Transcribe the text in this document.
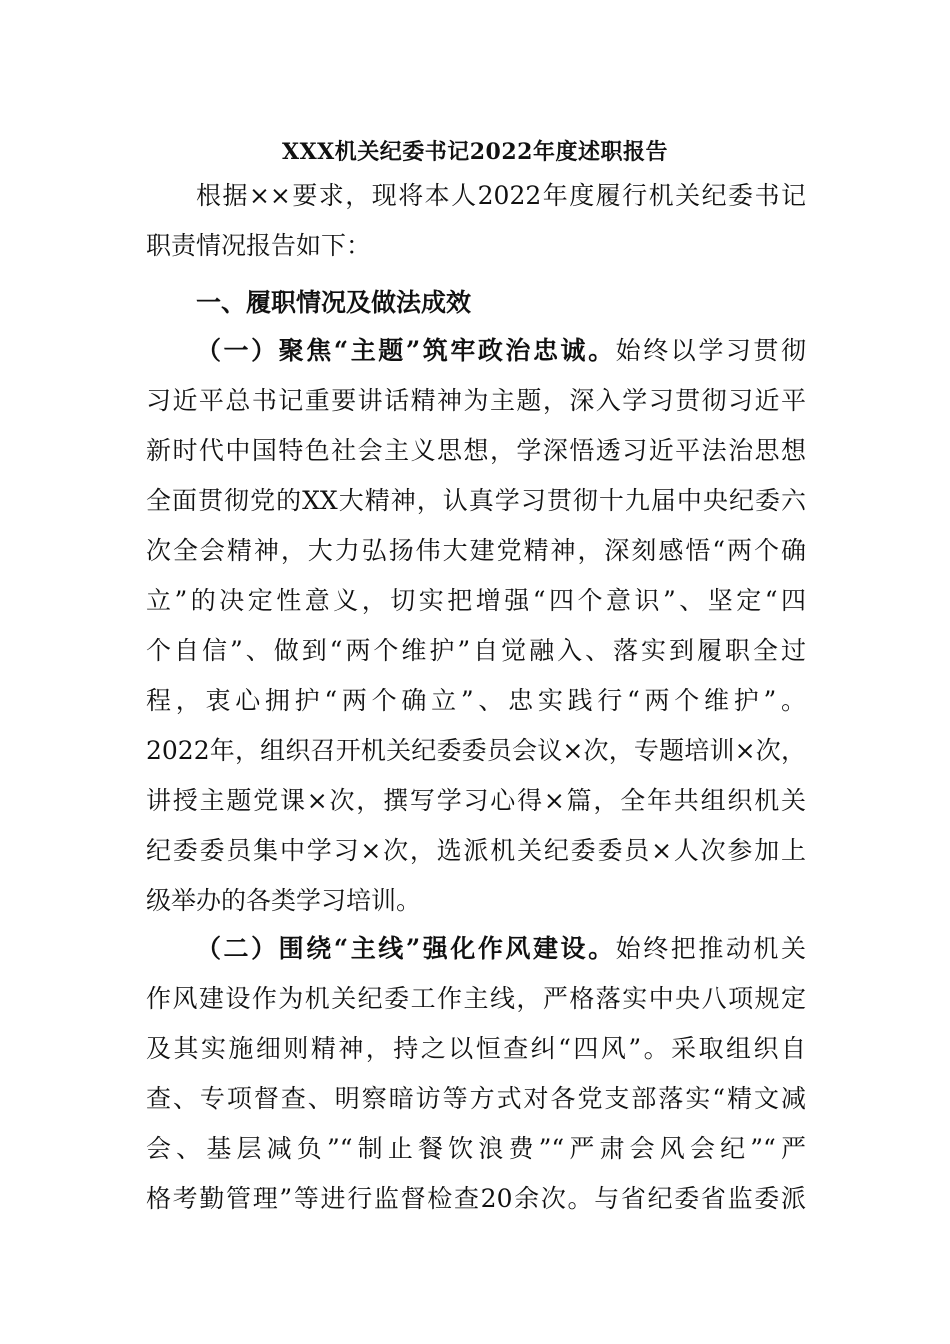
XXX机关纪委书记2022年度述职报告

根据××要求，现将本人2022年度履行机关纪委书记

职责情况报告如下：

一、履职情况及做法成效

（一）聚焦“主题”筑牢政治忠诚。始终以学习贯彻

习近平总书记重要讲话精神为主题，深入学习贯彻习近平

新时代中国特色社会主义思想，学深悟透习近平法治思想

全面贯彻党的XX大精神，认真学习贯彻十九届中央纪委六

次全会精神，大力弘扬伟大建党精神，深刻感悟“两个确

立”的决定性意义，切实把增强“四个意识”、坚定“四

个自信”、做到“两个维护”自觉融入、落实到履职全过

程，衷心拥护“两个确立”、忠实践行“两个维护”。

2022年，组织召开机关纪委委员会议×次，专题培训×次，

讲授主题党课×次，撰写学习心得×篇，全年共组织机关

纪委委员集中学习×次，选派机关纪委委员×人次参加上

级举办的各类学习培训。

（二）围绕“主线”强化作风建设。始终把推动机关

作风建设作为机关纪委工作主线，严格落实中央八项规定

及其实施细则精神，持之以恒查纠“四风”。采取组织自

查、专项督查、明察暗访等方式对各党支部落实“精文减

会、基层减负”“制止餐饮浪费”“严肃会风会纪”“严

格考勤管理”等进行监督检查20余次。与省纪委省监委派
